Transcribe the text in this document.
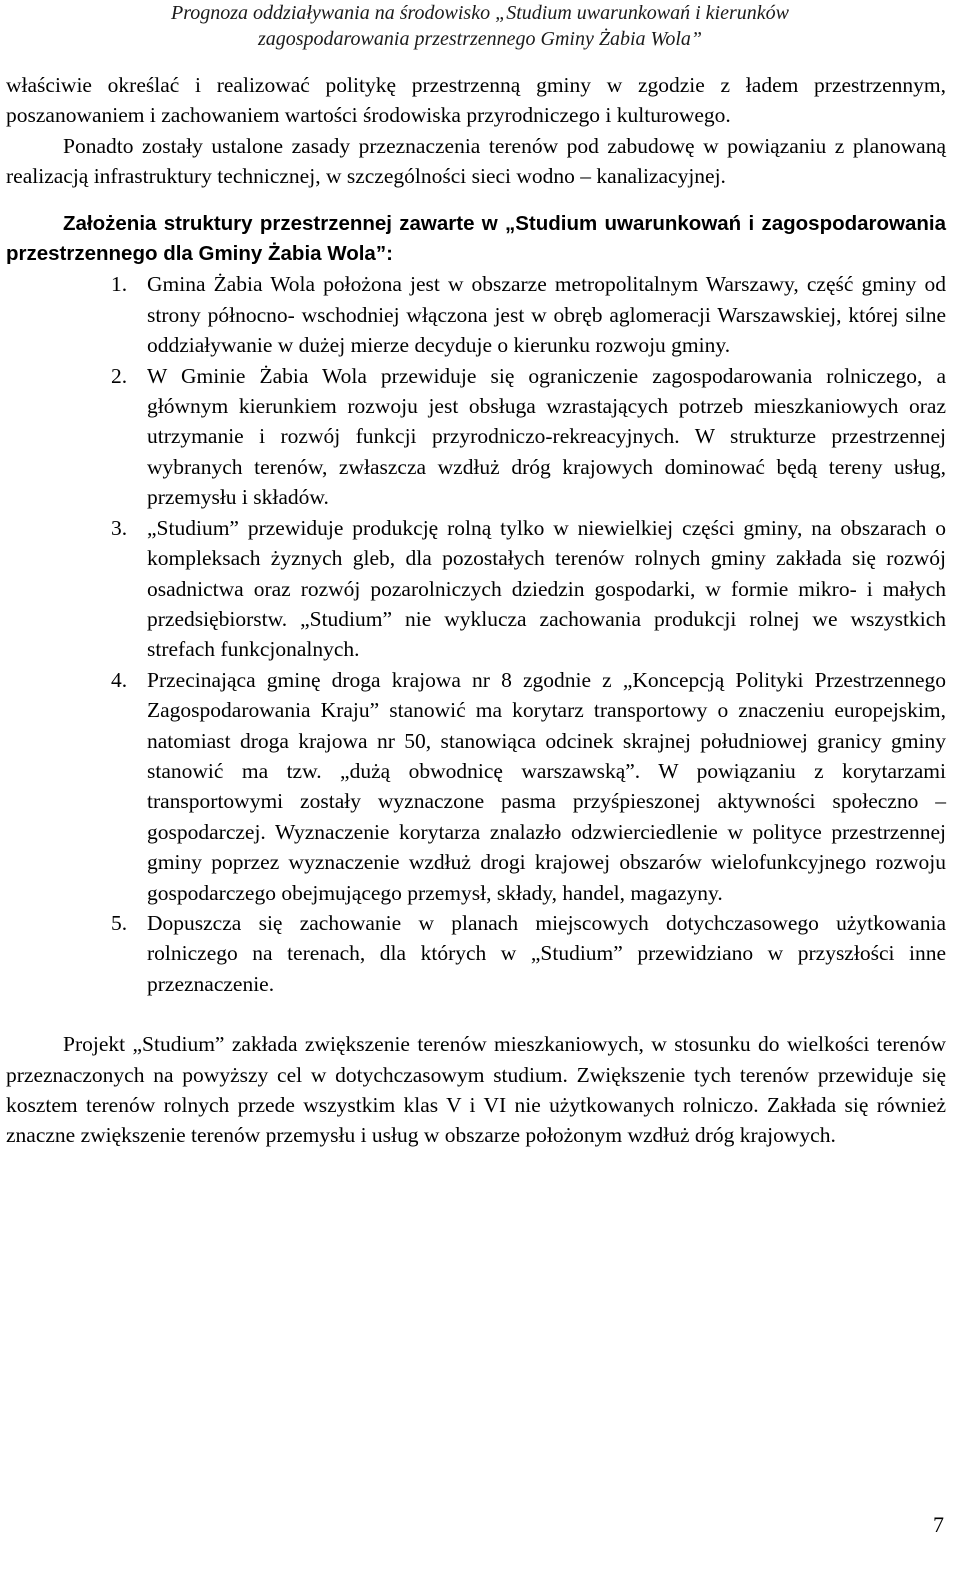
Prognoza oddziaływania na środowisko „Studium uwarunkowań i kierunków
zagospodarowania przestrzennego Gminy Żabia Wola”

właściwie określać i realizować politykę przestrzenną gminy w zgodzie z ładem przestrzennym, poszanowaniem i zachowaniem wartości środowiska przyrodniczego i kulturowego.

Ponadto zostały ustalone zasady przeznaczenia terenów pod zabudowę w powiązaniu z planowaną realizacją infrastruktury technicznej, w szczególności sieci wodno – kanalizacyjnej.

Założenia struktury przestrzennej zawarte w „Studium uwarunkowań i zagospodarowania przestrzennego dla Gminy Żabia Wola”:

1. Gmina Żabia Wola położona jest w obszarze metropolitalnym Warszawy, część gminy od strony północno- wschodniej włączona jest w obręb aglomeracji Warszawskiej, której silne oddziaływanie w dużej mierze decyduje o kierunku rozwoju gminy.
2. W Gminie Żabia Wola przewiduje się ograniczenie zagospodarowania rolniczego, a głównym kierunkiem rozwoju jest obsługa wzrastających potrzeb mieszkaniowych oraz utrzymanie i rozwój funkcji przyrodniczo-rekreacyjnych. W strukturze przestrzennej wybranych terenów, zwłaszcza wzdłuż dróg krajowych dominować będą tereny usług, przemysłu i składów.
3. „Studium” przewiduje produkcję rolną tylko w niewielkiej części gminy, na obszarach o kompleksach żyznych gleb, dla pozostałych terenów rolnych gminy zakłada się rozwój osadnictwa oraz rozwój pozarolniczych dziedzin gospodarki, w formie mikro- i małych przedsiębiorstw. „Studium” nie wyklucza zachowania produkcji rolnej we wszystkich strefach funkcjonalnych.
4. Przecinająca gminę droga krajowa nr 8 zgodnie z „Koncepcją Polityki Przestrzennego Zagospodarowania Kraju” stanowić ma korytarz transportowy o znaczeniu europejskim, natomiast droga krajowa nr 50, stanowiąca odcinek skrajnej południowej granicy gminy stanowić ma tzw. „dużą obwodnicę warszawską”. W powiązaniu z korytarzami transportowymi zostały wyznaczone pasma przyśpieszonej aktywności społeczno – gospodarczej. Wyznaczenie korytarza znalazło odzwierciedlenie w polityce przestrzennej gminy poprzez wyznaczenie wzdłuż drogi krajowej obszarów wielofunkcyjnego rozwoju gospodarczego obejmującego przemysł, składy, handel, magazyny.
5. Dopuszcza się zachowanie w planach miejscowych dotychczasowego użytkowania rolniczego na terenach, dla których w „Studium” przewidziano w przyszłości inne przeznaczenie.

Projekt „Studium” zakłada zwiększenie terenów mieszkaniowych, w stosunku do wielkości terenów przeznaczonych na powyższy cel w dotychczasowym studium. Zwiększenie tych terenów przewiduje się kosztem terenów rolnych przede wszystkim klas V i VI nie użytkowanych rolniczo. Zakłada się również znaczne zwiększenie terenów przemysłu i usług w obszarze położonym wzdłuż dróg krajowych.

7
